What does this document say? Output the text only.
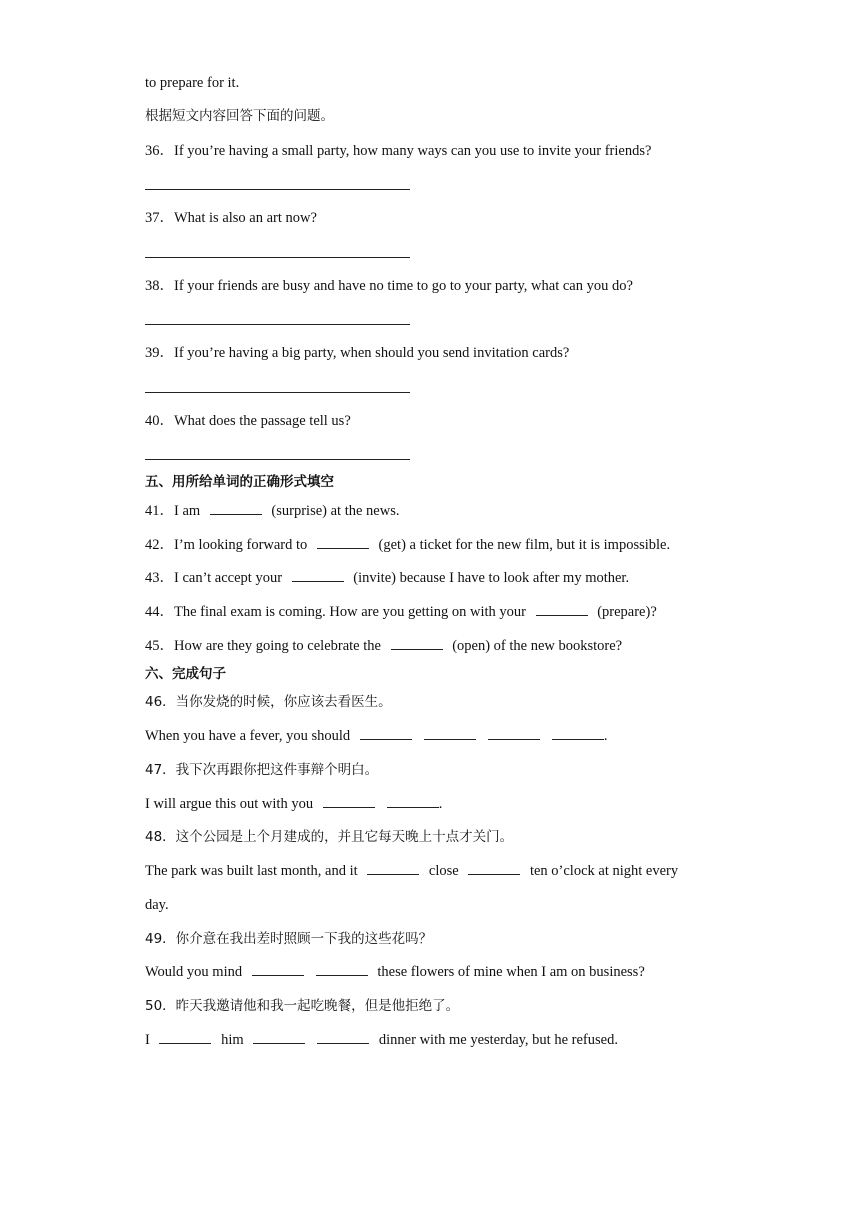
to prepare for it.
根据短文内容回答下面的问题。
36．If you’re having a small party, how many ways can you use to invite your friends?
37．What is also an art now?
38．If your friends are busy and have no time to go to your party, what can you do?
39．If you’re having a big party, when should you send invitation cards?
40．What does the passage tell us?
五、用所给单词的正确形式填空
41．I am	(surprise) at the news.
42．I’m looking forward to	(get) a ticket for the new film, but it is impossible.
43．I can’t accept your	(invite) because I have to look after my mother.
44．The final exam is coming. How are you getting on with your	(prepare)?
45．How are they going to celebrate the	(open) of the new bookstore?
六、完成句子
46．当你发烧的时候，你应该去看医生。
When you have a fever, you should	.
47．我下次再跟你把这件事辩个明白。
I will argue this out with you	.
48．这个公园是上个月建成的，并且它每天晚上十点才关门。
The park was built last month, and it	close	ten o’clock at night every
day.
49．你介意在我出差时照顾一下我的这些花吗？
Would you mind	these flowers of mine when I am on business?
50．昨天我邀请他和我一起吃晚餐，但是他拒绝了。
I	him	dinner with me yesterday, but he refused.
